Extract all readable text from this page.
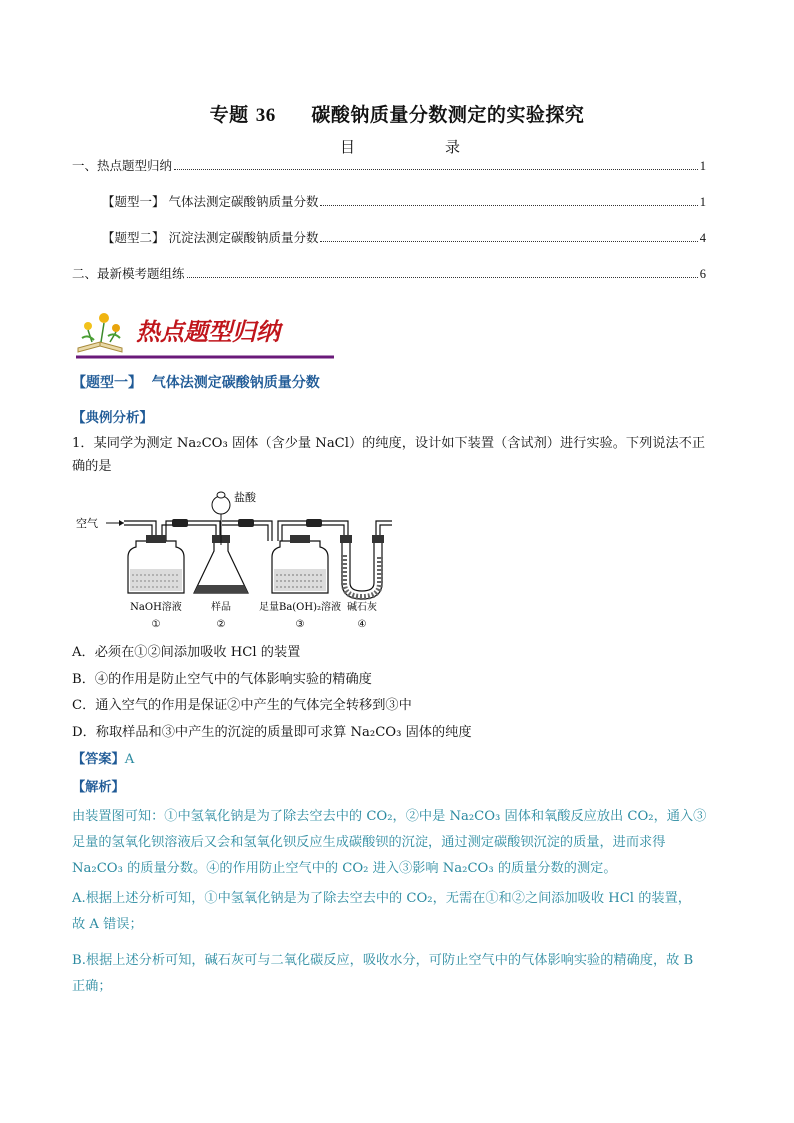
专题 36 碳酸钠质量分数测定的实验探究
目	录
一、热点题型归纳	1
【题型一】 气体法测定碳酸钠质量分数	1
【题型二】 沉淀法测定碳酸钠质量分数	4
二、最新模考题组练	6
热点题型归纳
【题型一】 气体法测定碳酸钠质量分数
【典例分析】
1．某同学为测定 Na₂CO₃ 固体（含少量 NaCl）的纯度，设计如下装置（含试剂）进行实验。下列说法不正
确的是
空气
盐酸
NaOH溶液
①
样品
②
足量Ba(OH)₂溶液
③
碱石灰
④
A．必须在①②间添加吸收 HCl 的装置
B．④的作用是防止空气中的气体影响实验的精确度
C．通入空气的作用是保证②中产生的气体完全转移到③中
D．称取样品和③中产生的沉淀的质量即可求算 Na₂CO₃ 固体的纯度
【答案】A
【解析】
由装置图可知：①中氢氧化钠是为了除去空去中的 CO₂，②中是 Na₂CO₃ 固体和氧酸反应放出 CO₂，通入③
足量的氢氧化钡溶液后又会和氢氧化钡反应生成碳酸钡的沉淀，通过测定碳酸钡沉淀的质量，进而求得
Na₂CO₃ 的质量分数。④的作用防止空气中的 CO₂ 进入③影响 Na₂CO₃ 的质量分数的测定。
A.根据上述分析可知，①中氢氧化钠是为了除去空去中的 CO₂，无需在①和②之间添加吸收 HCl 的装置，
故 A 错误；
B.根据上述分析可知，碱石灰可与二氧化碳反应，吸收水分，可防止空气中的气体影响实验的精确度，故 B
正确；
